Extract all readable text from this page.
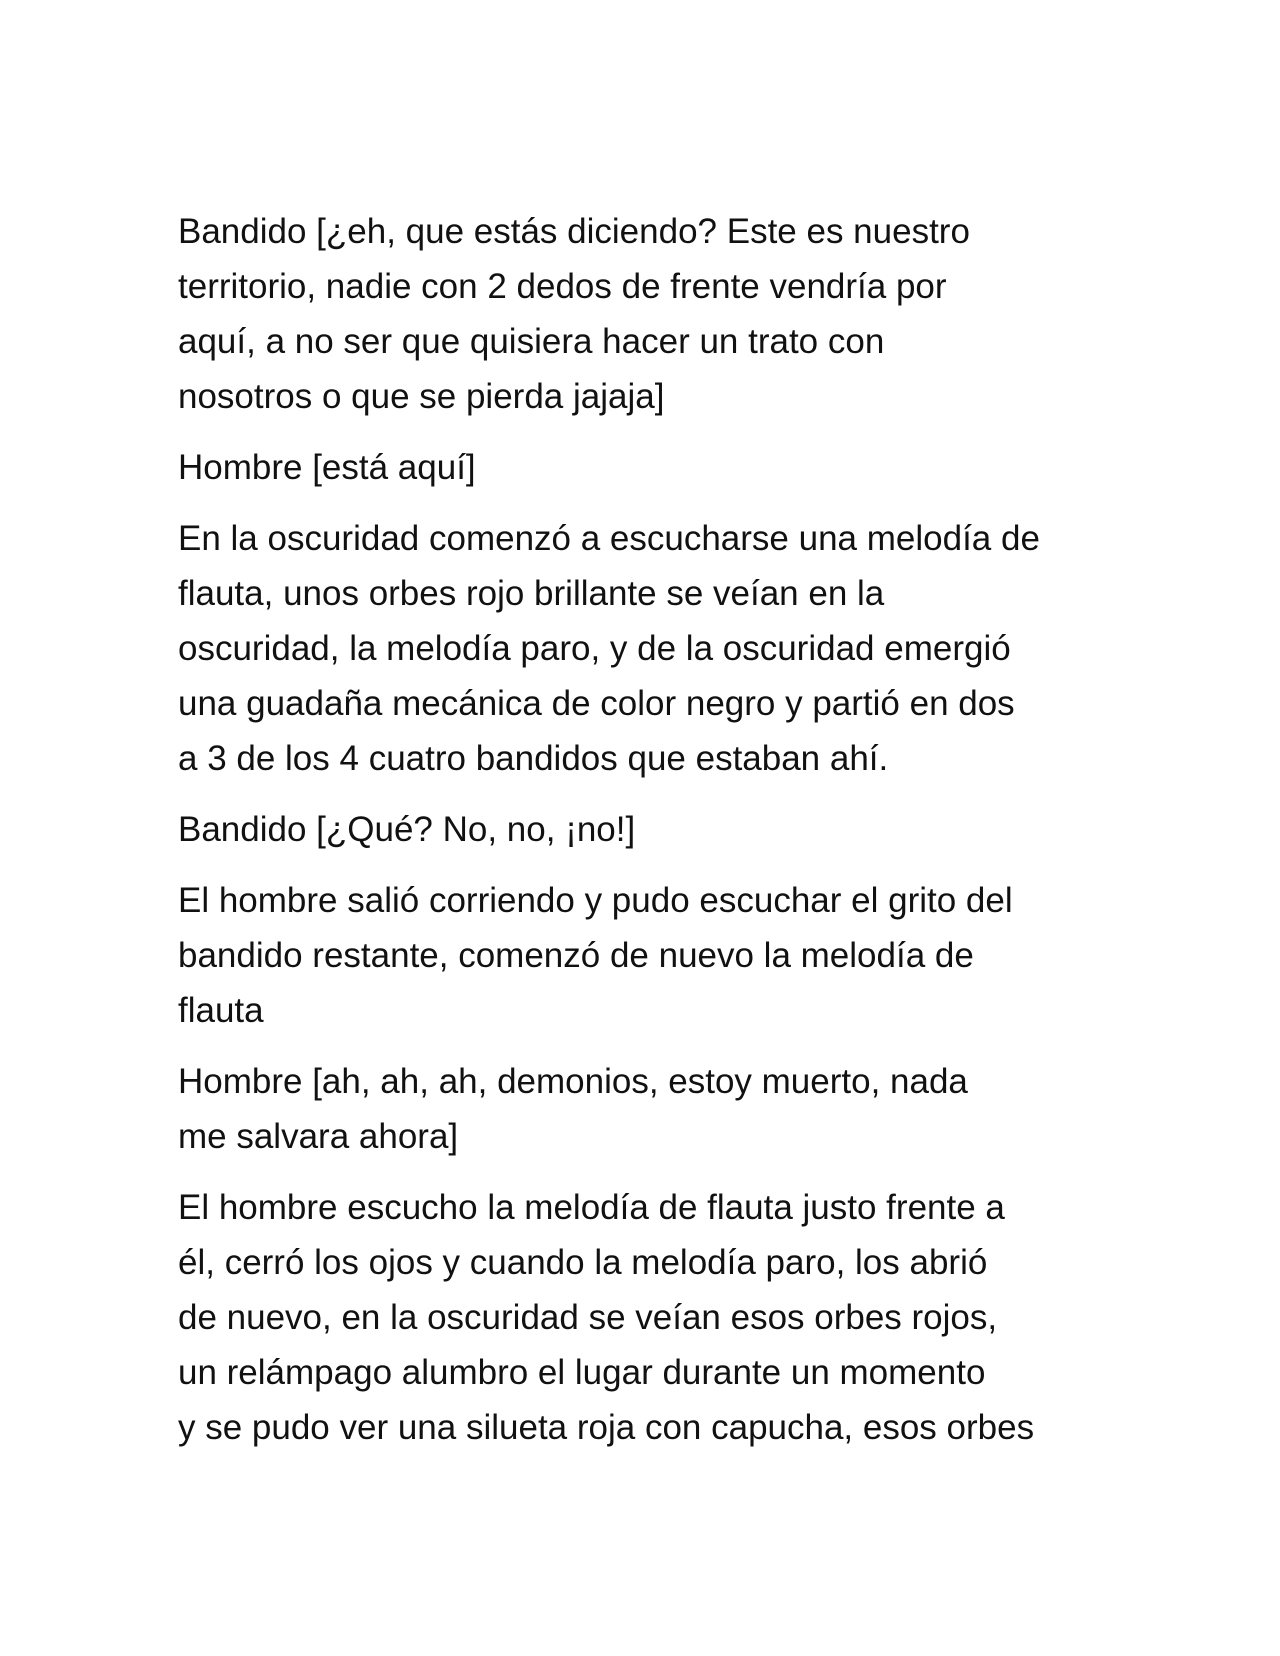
Bandido [¿eh, que estás diciendo? Este es nuestro
territorio, nadie con 2 dedos de frente vendría por
aquí, a no ser que quisiera hacer un trato con
nosotros o que se pierda jajaja]

Hombre [está aquí]

En la oscuridad comenzó a escucharse una melodía de
flauta, unos orbes rojo brillante se veían en la
oscuridad, la melodía paro, y de la oscuridad emergió
una guadaña mecánica de color negro y partió en dos
a 3 de los 4 cuatro bandidos que estaban ahí.

Bandido [¿Qué? No, no, ¡no!]

El hombre salió corriendo y pudo escuchar el grito del
bandido restante, comenzó de nuevo la melodía de
flauta

Hombre [ah, ah, ah, demonios, estoy muerto, nada
me salvara ahora]

El hombre escucho la melodía de flauta justo frente a
él, cerró los ojos y cuando la melodía paro, los abrió
de nuevo, en la oscuridad se veían esos orbes rojos,
un relámpago alumbro el lugar durante un momento
y se pudo ver una silueta roja con capucha, esos orbes
